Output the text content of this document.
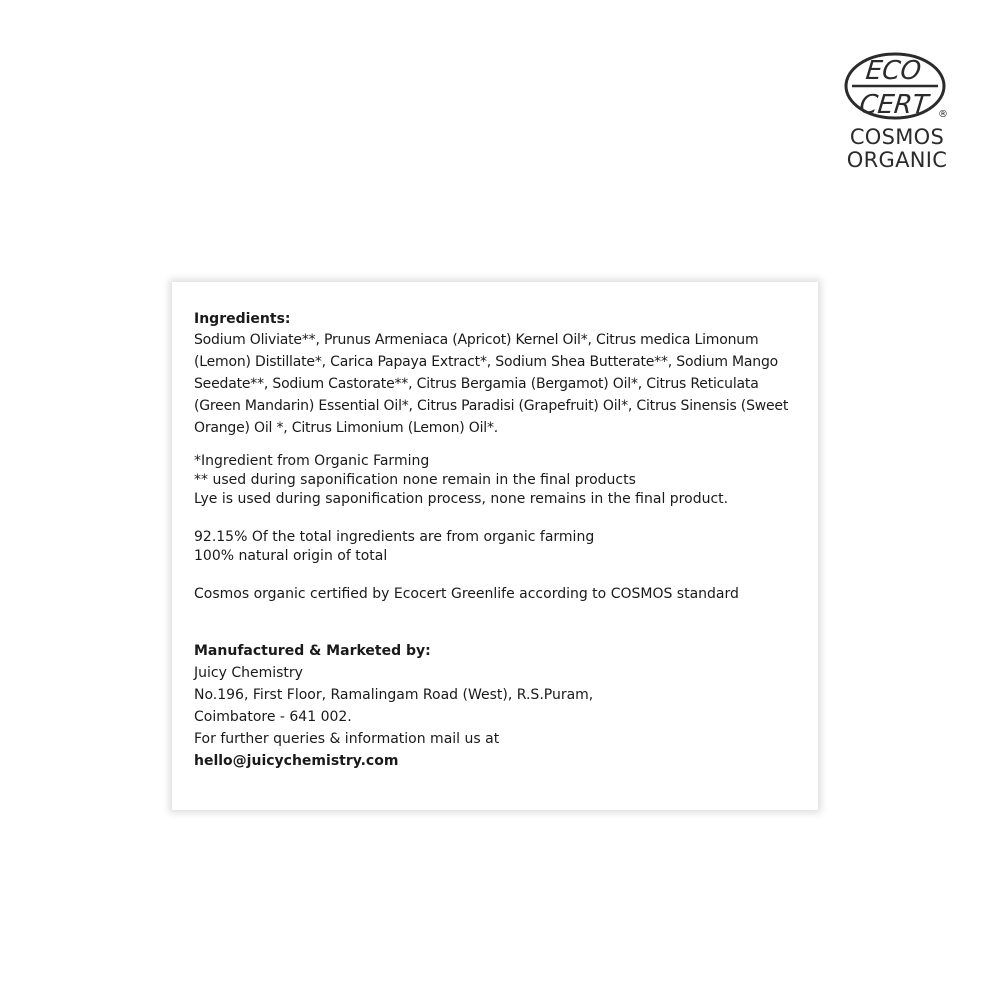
ECO
CERT ®
COSMOS
ORGANIC

Ingredients:

Sodium Oliviate**, Prunus Armeniaca (Apricot) Kernel Oil*, Citrus medica Limonum (Lemon) Distillate*, Carica Papaya Extract*, Sodium Shea Butterate**, Sodium Mango Seedate**, Sodium Castorate**, Citrus Bergamia (Bergamot) Oil*, Citrus Reticulata (Green Mandarin) Essential Oil*, Citrus Paradisi (Grapefruit) Oil*, Citrus Sinensis (Sweet Orange) Oil *, Citrus Limonium (Lemon) Oil*.

*Ingredient from Organic Farming
** used during saponification none remain in the final products
Lye is used during saponification process, none remains in the final product.
92.15% Of the total ingredients are from organic farming
100% natural origin of total
Cosmos organic certified by Ecocert Greenlife according to COSMOS standard
Manufactured & Marketed by:
Juicy Chemistry
No.196, First Floor, Ramalingam Road (West), R.S.Puram,
Coimbatore - 641 002.
For further queries & information mail us at
hello@juicychemistry.com
